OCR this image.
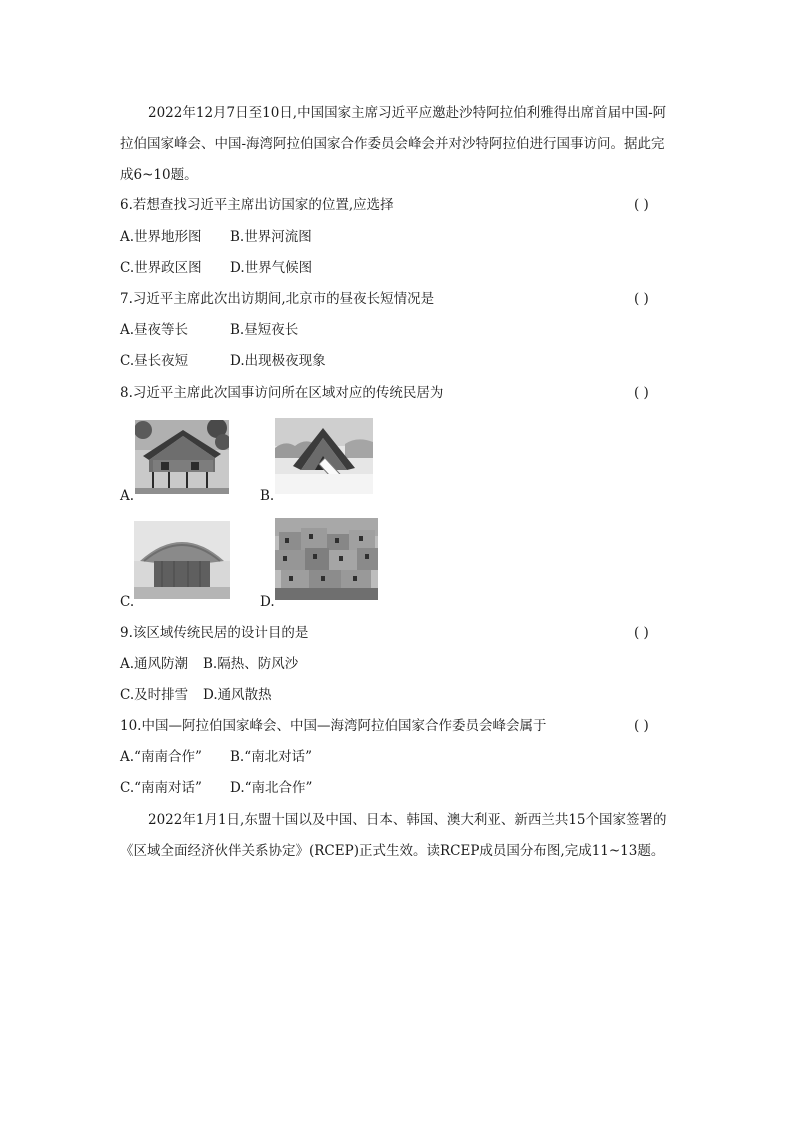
2022年12月7日至10日,中国国家主席习近平应邀赴沙特阿拉伯利雅得出席首届中国-阿拉伯国家峰会、中国-海湾阿拉伯国家合作委员会峰会并对沙特阿拉伯进行国事访问。据此完成6~10题。

6.若想查找习近平主席出访国家的位置,应选择	( )
A.世界地形图 B.世界河流图
C.世界政区图 D.世界气候图
7.习近平主席此次出访期间,北京市的昼夜长短情况是	( )
A.昼夜等长	B.昼短夜长
C.昼长夜短	D.出现极夜现象
8.习近平主席此次国事访问所在区域对应的传统民居为	( )
A.	B.
C.	D.
9.该区域传统民居的设计目的是	( )
A.通风防潮 B.隔热、防风沙
C.及时排雪 D.通风散热
10.中国—阿拉伯国家峰会、中国—海湾阿拉伯国家合作委员会峰会属于	( )
A.“南南合作” B.“南北对话”
C.“南南对话” D.“南北合作”

2022年1月1日,东盟十国以及中国、日本、韩国、澳大利亚、新西兰共15个国家签署的《区域全面经济伙伴关系协定》(RCEP)正式生效。读RCEP成员国分布图,完成11~13题。
